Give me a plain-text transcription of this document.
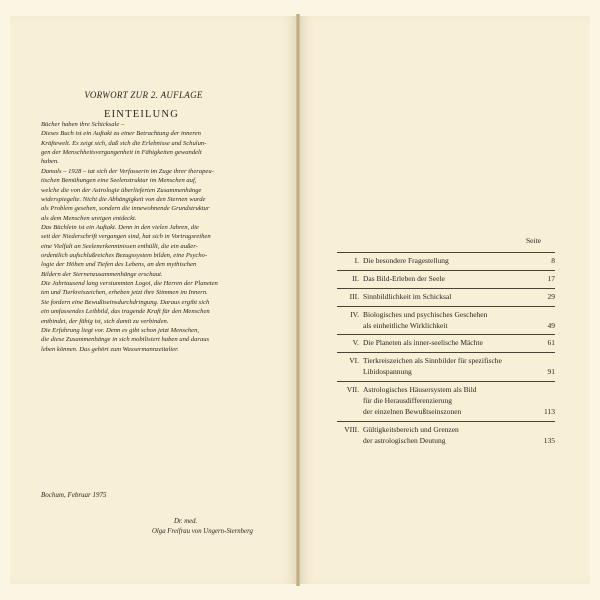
VORWORT ZUR 2. AUFLAGE

Bücher haben ihre Schicksale –

Dieses Buch ist ein Auftakt zu einer Betrachtung der inneren

Kräftewelt. Es zeigt sich, daß sich die Erlebnisse und Schulun-

gen der Menschheitsvergangenheit in Fähigkeiten gewandelt

haben.

Damals – 1928 – tat sich der Verfasserin im Zuge ihrer therapeu-

tischen Bemühungen eine Seelenstruktur im Menschen auf,

welche die von der Astrologie überlieferten Zusammenhänge

widerspiegelte. Nicht die Abhängigkeit von den Sternen wurde

als Problem gesehen, sondern die innewohnende Grundstruktur

als dem Menschen ureigen entdeckt.

Das Büchlein ist ein Auftakt. Denn in den vielen Jahren, die

seit der Niederschrift vergangen sind, hat sich in Vortragsreihen

eine Vielfalt an Seelenerkenntnissen enthüllt, die ein außer-

ordentlich aufschlußreiches Bezugssystem bilden, eine Psycho-

logie der Höhen und Tiefen des Lebens, an den mythischen

Bildern der Sternenzusammenhänge erschaut.

Die Jahrtausend lang verstummten Logoi, die Herren der Planeten

ten und Tierkreiszeichen, erheben jetzt ihre Stimmen im Innern.

Sie fordern eine Bewußtseinsdurchdringung. Daraus ergibt sich

ein umfassendes Leibbild, das tragende Kraft für den Menschen

entbindet, der fähig ist, sich damit zu verbinden.

Die Erfahrung liegt vor. Denn es gibt schon jetzt Menschen,

die diese Zusammenhänge in sich mobilisiert haben und daraus

leben können. Das gehört zum Wassermannzeitalter.

Bochum, Februar 1975
Dr. med.
Olga Freifrau von Ungern-Sternberg
EINTEILUNG
Seite
I. Die besondere Fragestellung	8
II. Das Bild-Erleben der Seele	17
III. Sinnbildlichkeit im Schicksal	29
IV. Biologisches und psychisches Geschehen
als einheitliche Wirklichkeit	49
V. Die Planeten als inner-seelische Mächte	61
VI. Tierkreiszeichen als Sinnbilder für spezifische
Libidospannung	91
VII. Astrologisches Häusersystem als Bild
für die Herausdifferenzierung
der einzelnen Bewußtseinszonen	113
VIII. Gültigkeitsbereich und Grenzen
der astrologischen Deutung	135
